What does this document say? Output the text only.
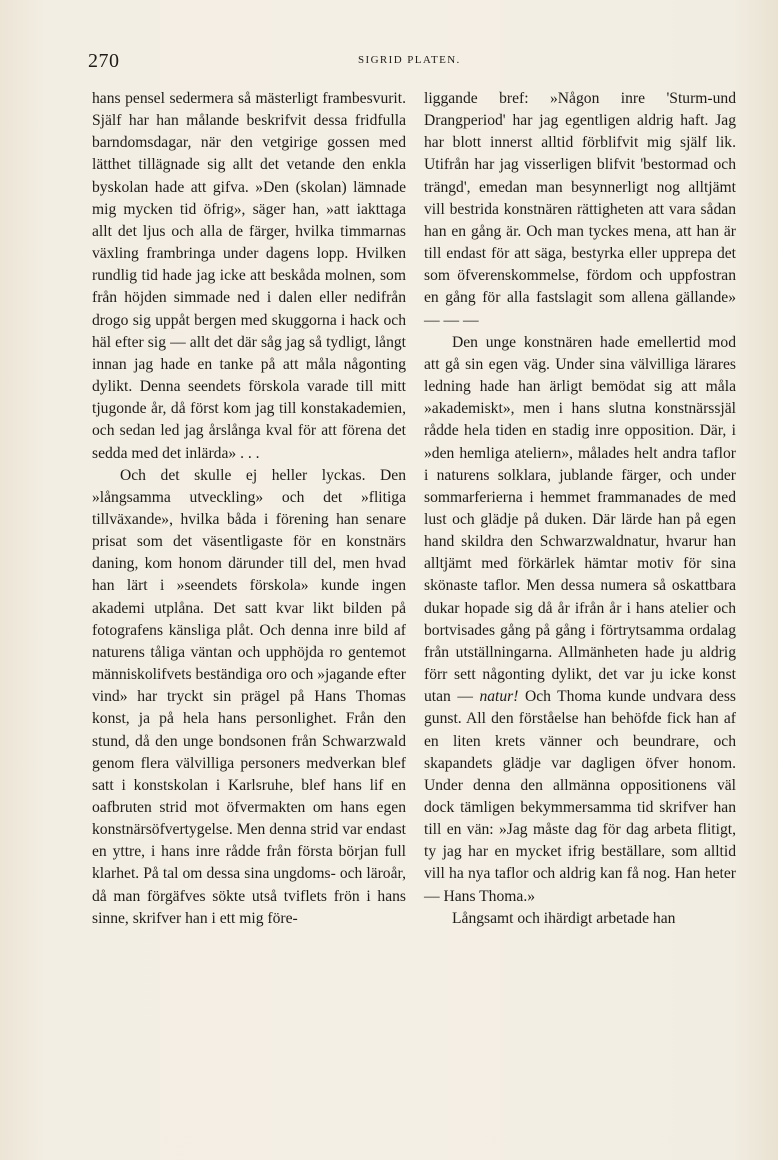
270	SIGRID PLATEN.

hans pensel sedermera så mästerligt frambesvurit. Själf har han målande beskrifvit dessa fridfulla barndomsdagar, när den vetgirige gossen med lätthet tillägnade sig allt det vetande den enkla byskolan hade att gifva. »Den (skolan) lämnade mig mycken tid öfrig», säger han, »att iakttaga allt det ljus och alla de färger, hvilka timmarnas växling frambringa under dagens lopp. Hvilken rundlig tid hade jag icke att beskåda molnen, som från höjden simmade ned i dalen eller nedifrån drogo sig uppåt bergen med skuggorna i hack och häl efter sig — allt det där såg jag så tydligt, långt innan jag hade en tanke på att måla någonting dylikt. Denna seendets förskola varade till mitt tjugonde år, då först kom jag till konstakademien, och sedan led jag årslånga kval för att förena det sedda med det inlärda» . . .

Och det skulle ej heller lyckas. Den »långsamma utveckling» och det »flitiga tillväxande», hvilka båda i förening han senare prisat som det väsentligaste för en konstnärs daning, kom honom därunder till del, men hvad han lärt i »seendets förskola» kunde ingen akademi utplåna. Det satt kvar likt bilden på fotografens känsliga plåt. Och denna inre bild af naturens tåliga väntan och upphöjda ro gentemot människolifvets beständiga oro och »jagande efter vind» har tryckt sin prägel på Hans Thomas konst, ja på hela hans personlighet. Från den stund, då den unge bondsonen från Schwarzwald genom flera välvilliga personers medverkan blef satt i konstskolan i Karlsruhe, blef hans lif en oafbruten strid mot öfvermakten om hans egen konstnärsöfvertygelse. Men denna strid var endast en yttre, i hans inre rådde från första början full klarhet. På tal om dessa sina ungdoms- och läroår, då man förgäfves sökte utså tviflets frön i hans sinne, skrifver han i ett mig före-

liggande bref: »Någon inre 'Sturm-und Drangperiod' har jag egentligen aldrig haft. Jag har blott innerst alltid förblifvit mig själf lik. Utifrån har jag visserligen blifvit 'bestormad och trängd', emedan man besynnerligt nog alltjämt vill bestrida konstnären rättigheten att vara sådan han en gång är. Och man tyckes mena, att han är till endast för att säga, bestyrka eller upprepa det som öfverenskommelse, fördom och uppfostran en gång för alla fastslagit som allena gällande» — — —

Den unge konstnären hade emellertid mod att gå sin egen väg. Under sina välvilliga lärares ledning hade han ärligt bemödat sig att måla »akademiskt», men i hans slutna konstnärssjäl rådde hela tiden en stadig inre opposition. Där, i »den hemliga ateliern», målades helt andra taflor i naturens solklara, jublande färger, och under sommarferierna i hemmet frammanades de med lust och glädje på duken. Där lärde han på egen hand skildra den Schwarzwaldnatur, hvarur han alltjämt med förkärlek hämtar motiv för sina skönaste taflor. Men dessa numera så oskattbara dukar hopade sig då år ifrån år i hans atelier och bortvisades gång på gång i förtrytsamma ordalag från utställningarna. Allmänheten hade ju aldrig förr sett någonting dylikt, det var ju icke konst utan — natur! Och Thoma kunde undvara dess gunst. All den förståelse han behöfde fick han af en liten krets vänner och beundrare, och skapandets glädje var dagligen öfver honom. Under denna den allmänna oppositionens väl dock tämligen bekymmersamma tid skrifver han till en vän: »Jag måste dag för dag arbeta flitigt, ty jag har en mycket ifrig beställare, som alltid vill ha nya taflor och aldrig kan få nog. Han heter — Hans Thoma.»

Långsamt och ihärdigt arbetade han
